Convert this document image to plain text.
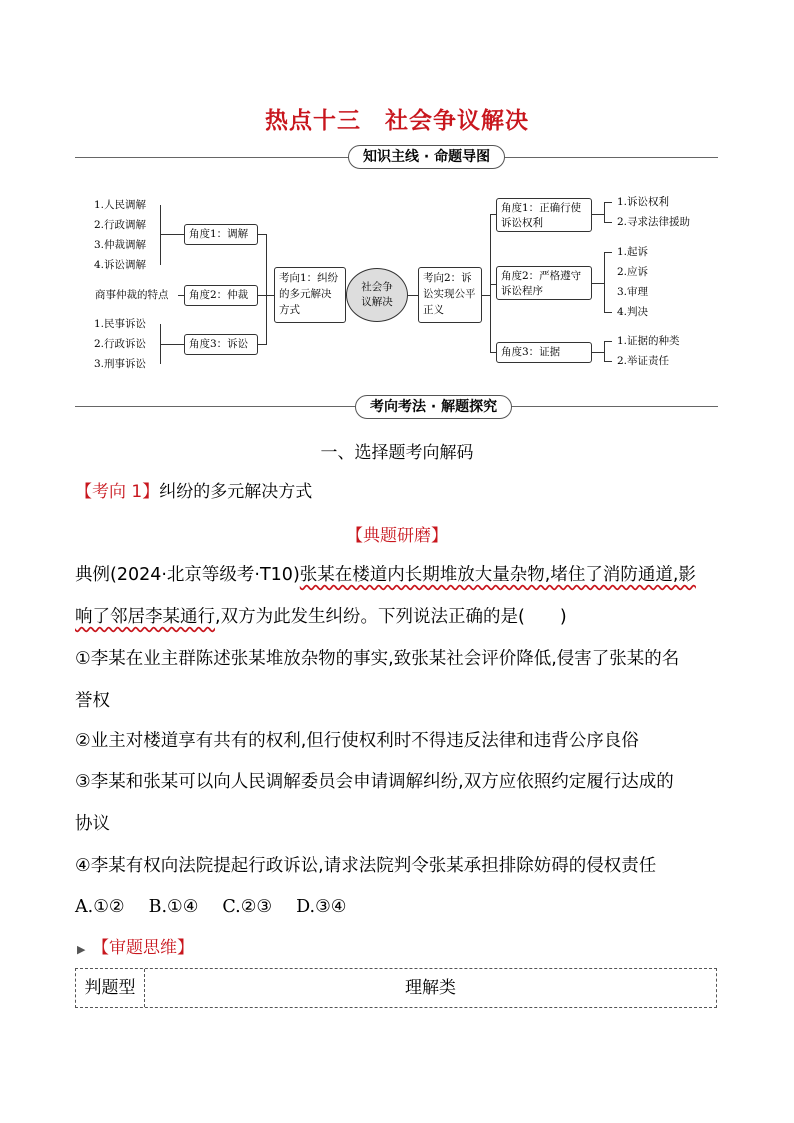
热点十三　社会争议解决
知识主线 · 命题导图
1.人民调解
2.行政调解
3.仲裁调解
4.诉讼调解
商事仲裁的特点
1.民事诉讼
2.行政诉讼
3.刑事诉讼
角度1：调解
角度2：仲裁
角度3：诉讼
考向1：纠纷的多元解决方式
社会争议解决
考向2：诉讼实现公平正义
角度1：正确行使诉讼权利
角度2：严格遵守诉讼程序
角度3：证据
1.诉讼权利
2.寻求法律援助
1.起诉
2.应诉
3.审理
4.判决
1.证据的种类
2.举证责任
考向考法 · 解题探究
一、选择题考向解码
【考向 1】纠纷的多元解决方式
【典题研磨】
典例(2024·北京等级考·T10)张某在楼道内长期堆放大量杂物,堵住了消防通道,影
响了邻居李某通行,双方为此发生纠纷。下列说法正确的是(　　)
①李某在业主群陈述张某堆放杂物的事实,致张某社会评价降低,侵害了张某的名
誉权
②业主对楼道享有共有的权利,但行使权利时不得违反法律和违背公序良俗
③李某和张某可以向人民调解委员会申请调解纠纷,双方应依照约定履行达成的
协议
④李某有权向法院提起行政诉讼,请求法院判令张某承担排除妨碍的侵权责任
A.①② B.①④ C.②③ D.③④
▶ 【审题思维】
判题型	理解类
